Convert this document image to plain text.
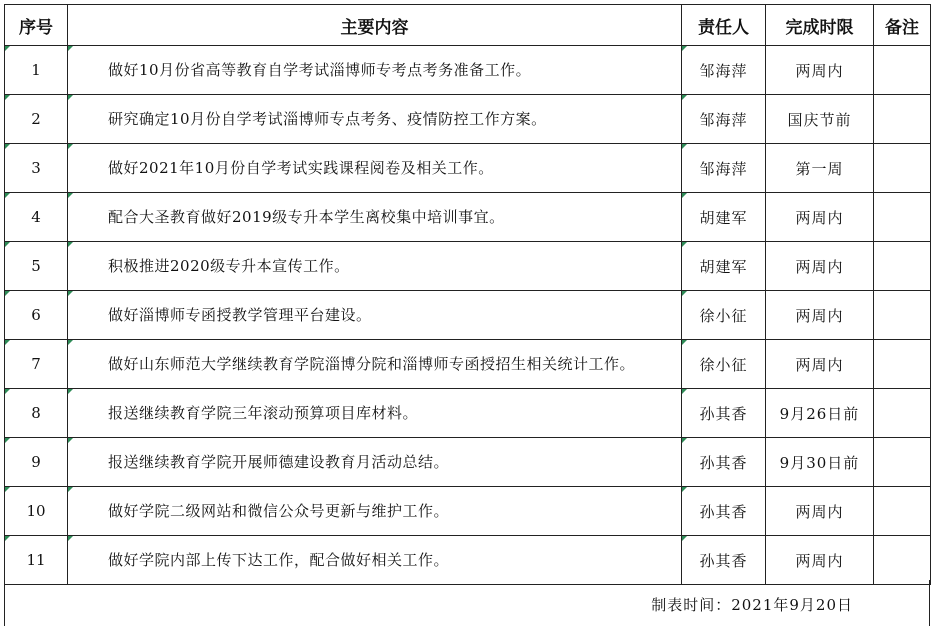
序号	主要内容	责任人	完成时限	备注
1	做好10月份省高等教育自学考试淄博师专考点考务准备工作。	邹海萍	两周内	
2	研究确定10月份自学考试淄博师专点考务、疫情防控工作方案。	邹海萍	国庆节前	
3	做好2021年10月份自学考试实践课程阅卷及相关工作。	邹海萍	第一周	
4	配合大圣教育做好2019级专升本学生离校集中培训事宜。	胡建军	两周内	
5	积极推进2020级专升本宣传工作。	胡建军	两周内	
6	做好淄博师专函授教学管理平台建设。	徐小征	两周内	
7	做好山东师范大学继续教育学院淄博分院和淄博师专函授招生相关统计工作。	徐小征	两周内	
8	报送继续教育学院三年滚动预算项目库材料。	孙其香	9月26日前	
9	报送继续教育学院开展师德建设教育月活动总结。	孙其香	9月30日前	
10	做好学院二级网站和微信公众号更新与维护工作。	孙其香	两周内	
11	做好学院内部上传下达工作，配合做好相关工作。	孙其香	两周内	
制表时间：2021年9月20日
